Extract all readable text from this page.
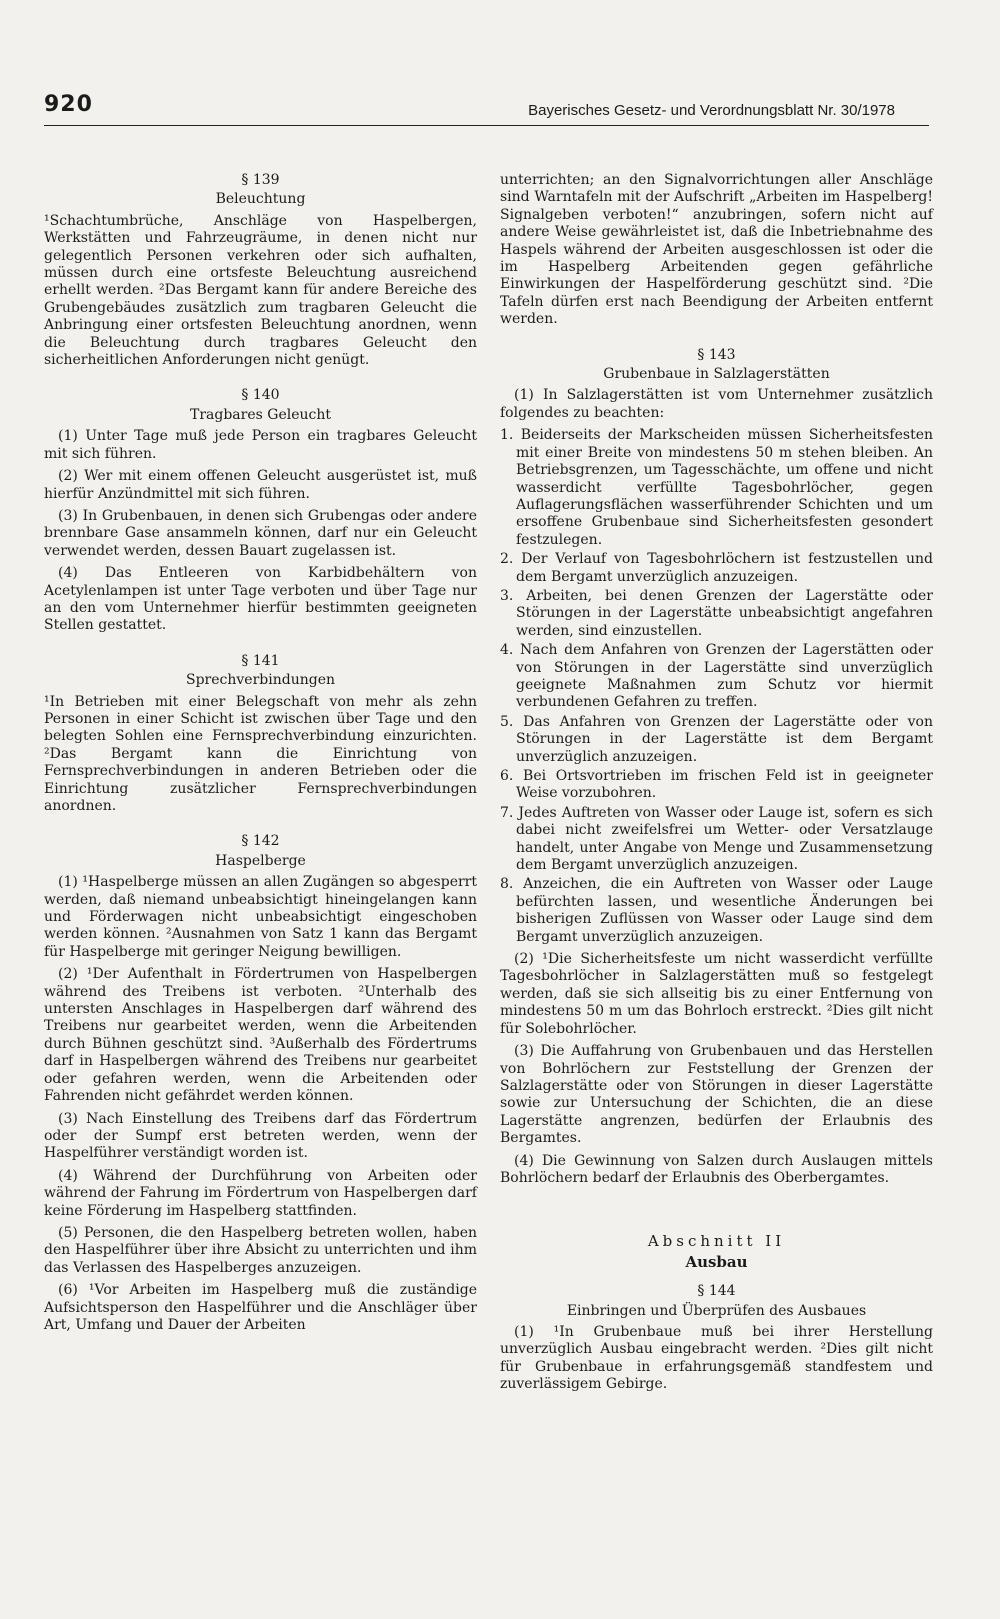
920	Bayerisches Gesetz- und Verordnungsblatt Nr. 30/1978
§ 139
Beleuchtung

¹Schachtumbrüche, Anschläge von Haspelbergen, Werkstätten und Fahrzeugräume, in denen nicht nur gelegentlich Personen verkehren oder sich aufhalten, müssen durch eine ortsfeste Beleuchtung ausreichend erhellt werden. ²Das Bergamt kann für andere Bereiche des Grubengebäudes zusätzlich zum tragbaren Geleucht die Anbringung einer ortsfesten Beleuchtung anordnen, wenn die Beleuchtung durch tragbares Geleucht den sicherheitlichen Anforderungen nicht genügt.

§ 140
Tragbares Geleucht

(1) Unter Tage muß jede Person ein tragbares Geleucht mit sich führen.

(2) Wer mit einem offenen Geleucht ausgerüstet ist, muß hierfür Anzündmittel mit sich führen.

(3) In Grubenbauen, in denen sich Grubengas oder andere brennbare Gase ansammeln können, darf nur ein Geleucht verwendet werden, dessen Bauart zugelassen ist.

(4) Das Entleeren von Karbidbehältern von Acetylenlampen ist unter Tage verboten und über Tage nur an den vom Unternehmer hierfür bestimmten geeigneten Stellen gestattet.

§ 141
Sprechverbindungen

¹In Betrieben mit einer Belegschaft von mehr als zehn Personen in einer Schicht ist zwischen über Tage und den belegten Sohlen eine Fernsprechverbindung einzurichten. ²Das Bergamt kann die Einrichtung von Fernsprechverbindungen in anderen Betrieben oder die Einrichtung zusätzlicher Fernsprechverbindungen anordnen.

§ 142
Haspelberge

(1) ¹Haspelberge müssen an allen Zugängen so abgesperrt werden, daß niemand unbeabsichtigt hineingelangen kann und Förderwagen nicht unbeabsichtigt eingeschoben werden können. ²Ausnahmen von Satz 1 kann das Bergamt für Haspelberge mit geringer Neigung bewilligen.

(2) ¹Der Aufenthalt in Fördertrumen von Haspelbergen während des Treibens ist verboten. ²Unterhalb des untersten Anschlages in Haspelbergen darf während des Treibens nur gearbeitet werden, wenn die Arbeitenden durch Bühnen geschützt sind. ³Außerhalb des Fördertrums darf in Haspelbergen während des Treibens nur gearbeitet oder gefahren werden, wenn die Arbeitenden oder Fahrenden nicht gefährdet werden können.

(3) Nach Einstellung des Treibens darf das Fördertrum oder der Sumpf erst betreten werden, wenn der Haspelführer verständigt worden ist.

(4) Während der Durchführung von Arbeiten oder während der Fahrung im Fördertrum von Haspelbergen darf keine Förderung im Haspelberg stattfinden.

(5) Personen, die den Haspelberg betreten wollen, haben den Haspelführer über ihre Absicht zu unterrichten und ihm das Verlassen des Haspelberges anzuzeigen.

(6) ¹Vor Arbeiten im Haspelberg muß die zuständige Aufsichtsperson den Haspelführer und die Anschläger über Art, Umfang und Dauer der Arbeiten

unterrichten; an den Signalvorrichtungen aller Anschläge sind Warntafeln mit der Aufschrift „Arbeiten im Haspelberg! Signalgeben verboten!“ anzubringen, sofern nicht auf andere Weise gewährleistet ist, daß die Inbetriebnahme des Haspels während der Arbeiten ausgeschlossen ist oder die im Haspelberg Arbeitenden gegen gefährliche Einwirkungen der Haspelförderung geschützt sind. ²Die Tafeln dürfen erst nach Beendigung der Arbeiten entfernt werden.

§ 143
Grubenbaue in Salzlagerstätten

(1) In Salzlagerstätten ist vom Unternehmer zusätzlich folgendes zu beachten:

1. Beiderseits der Markscheiden müssen Sicherheitsfesten mit einer Breite von mindestens 50 m stehen bleiben. An Betriebsgrenzen, um Tagesschächte, um offene und nicht wasserdicht verfüllte Tagesbohrlöcher, gegen Auflagerungsflächen wasserführender Schichten und um ersoffene Grubenbaue sind Sicherheitsfesten gesondert festzulegen.
2. Der Verlauf von Tagesbohrlöchern ist festzustellen und dem Bergamt unverzüglich anzuzeigen.
3. Arbeiten, bei denen Grenzen der Lagerstätte oder Störungen in der Lagerstätte unbeabsichtigt angefahren werden, sind einzustellen.
4. Nach dem Anfahren von Grenzen der Lagerstätten oder von Störungen in der Lagerstätte sind unverzüglich geeignete Maßnahmen zum Schutz vor hiermit verbundenen Gefahren zu treffen.
5. Das Anfahren von Grenzen der Lagerstätte oder von Störungen in der Lagerstätte ist dem Bergamt unverzüglich anzuzeigen.
6. Bei Ortsvortrieben im frischen Feld ist in geeigneter Weise vorzubohren.
7. Jedes Auftreten von Wasser oder Lauge ist, sofern es sich dabei nicht zweifelsfrei um Wetter- oder Versatzlauge handelt, unter Angabe von Menge und Zusammensetzung dem Bergamt unverzüglich anzuzeigen.
8. Anzeichen, die ein Auftreten von Wasser oder Lauge befürchten lassen, und wesentliche Änderungen bei bisherigen Zuflüssen von Wasser oder Lauge sind dem Bergamt unverzüglich anzuzeigen.

(2) ¹Die Sicherheitsfeste um nicht wasserdicht verfüllte Tagesbohrlöcher in Salzlagerstätten muß so festgelegt werden, daß sie sich allseitig bis zu einer Entfernung von mindestens 50 m um das Bohrloch erstreckt. ²Dies gilt nicht für Solebohrlöcher.

(3) Die Auffahrung von Grubenbauen und das Herstellen von Bohrlöchern zur Feststellung der Grenzen der Salzlagerstätte oder von Störungen in dieser Lagerstätte sowie zur Untersuchung der Schichten, die an diese Lagerstätte angrenzen, bedürfen der Erlaubnis des Bergamtes.

(4) Die Gewinnung von Salzen durch Auslaugen mittels Bohrlöchern bedarf der Erlaubnis des Oberbergamtes.

Abschnitt II
Ausbau
§ 144
Einbringen und Überprüfen des Ausbaues

(1) ¹In Grubenbaue muß bei ihrer Herstellung unverzüglich Ausbau eingebracht werden. ²Dies gilt nicht für Grubenbaue in erfahrungsgemäß standfestem und zuverlässigem Gebirge.
